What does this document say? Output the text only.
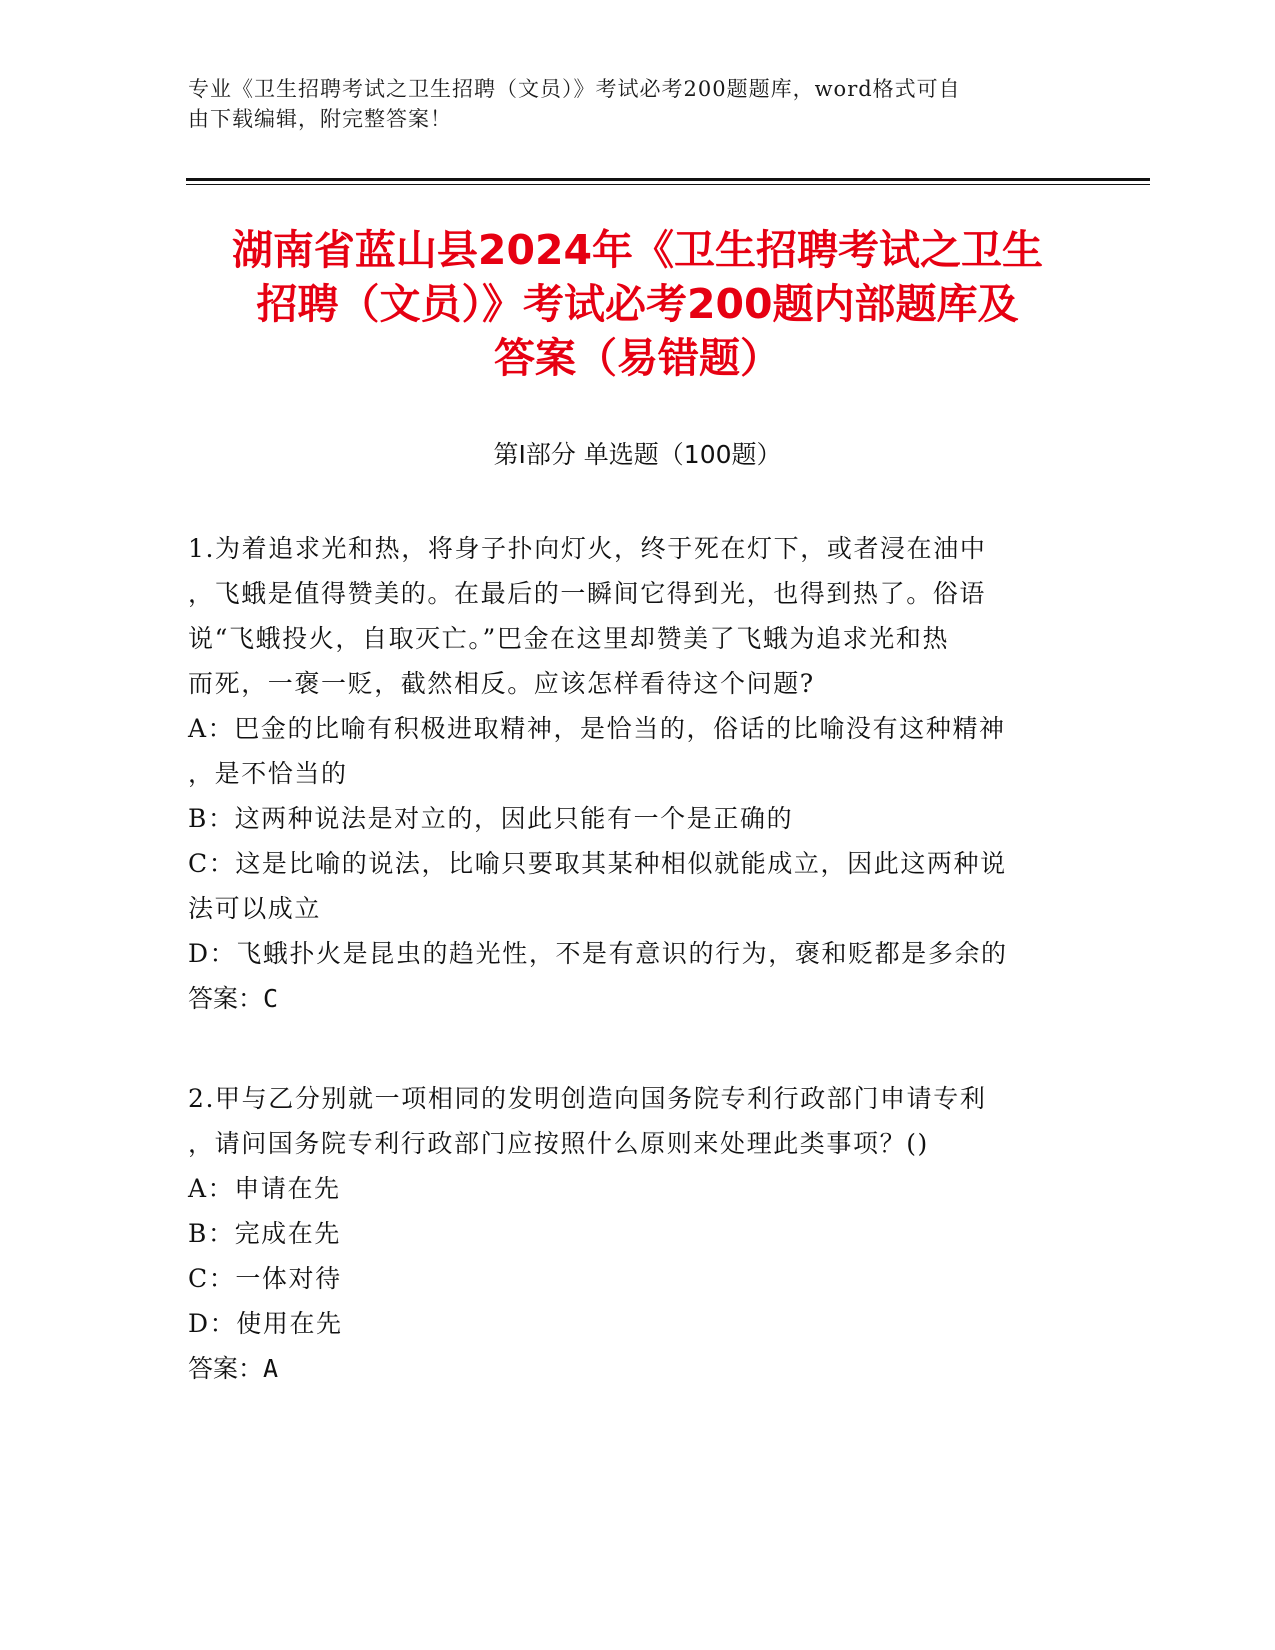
专业《卫生招聘考试之卫生招聘（文员）》考试必考200题题库，word格式可自
由下载编辑，附完整答案！
湖南省蓝山县2024年《卫生招聘考试之卫生
招聘（文员）》考试必考200题内部题库及
答案（易错题）
第Ⅰ部分 单选题（100题）
1.为着追求光和热，将身子扑向灯火，终于死在灯下，或者浸在油中
，飞蛾是值得赞美的。在最后的一瞬间它得到光，也得到热了。俗语
说“飞蛾投火，自取灭亡。”巴金在这里却赞美了飞蛾为追求光和热
而死，一褒一贬，截然相反。应该怎样看待这个问题?
A：巴金的比喻有积极进取精神，是恰当的，俗话的比喻没有这种精神
，是不恰当的
B：这两种说法是对立的，因此只能有一个是正确的
C：这是比喻的说法，比喻只要取其某种相似就能成立，因此这两种说
法可以成立
D：飞蛾扑火是昆虫的趋光性，不是有意识的行为，褒和贬都是多余的
答案：C
2.甲与乙分别就一项相同的发明创造向国务院专利行政部门申请专利
，请问国务院专利行政部门应按照什么原则来处理此类事项？()
A：申请在先
B：完成在先
C：一体对待
D：使用在先
答案：A
